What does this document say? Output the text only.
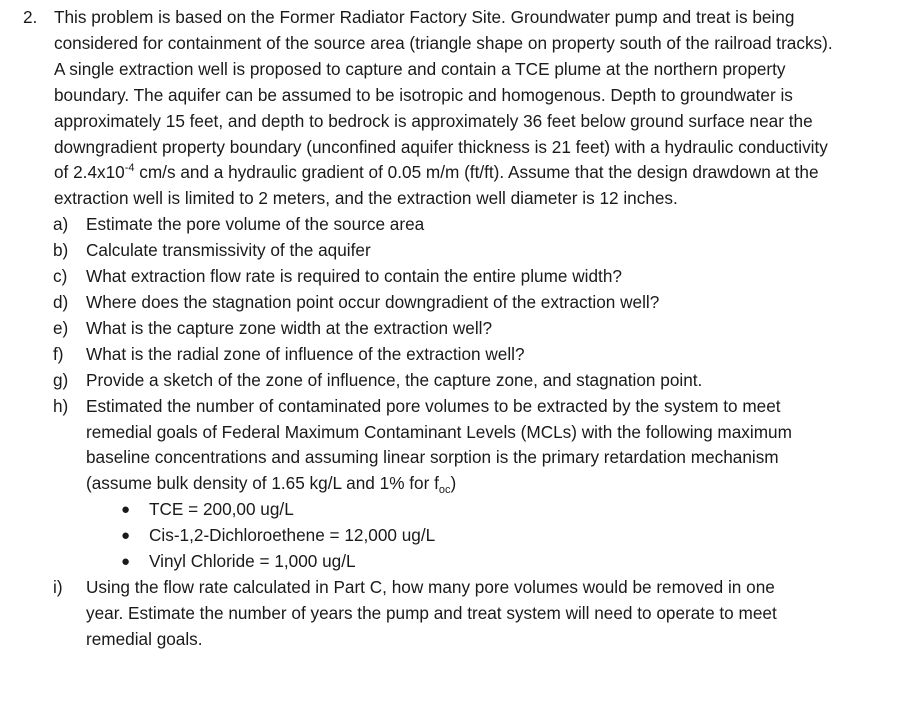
2. This problem is based on the Former Radiator Factory Site. Groundwater pump and treat is being considered for containment of the source area (triangle shape on property south of the railroad tracks). A single extraction well is proposed to capture and contain a TCE plume at the northern property boundary. The aquifer can be assumed to be isotropic and homogenous. Depth to groundwater is approximately 15 feet, and depth to bedrock is approximately 36 feet below ground surface near the downgradient property boundary (unconfined aquifer thickness is 21 feet) with a hydraulic conductivity of $2.4x10^{-4}$ cm/s and a hydraulic gradient of 0.05 m/m (ft/ft). Assume that the design drawdown at the extraction well is limited to 2 meters, and the extraction well diameter is 12 inches.
a) Estimate the pore volume of the source area
b) Calculate transmissivity of the aquifer
c) What extraction flow rate is required to contain the entire plume width?
d) Where does the stagnation point occur downgradient of the extraction well?
e) What is the capture zone width at the extraction well?
f) What is the radial zone of influence of the extraction well?
g) Provide a sketch of the zone of influence, the capture zone, and stagnation point.
h) Estimated the number of contaminated pore volumes to be extracted by the system to meet remedial goals of Federal Maximum Contaminant Levels (MCLs) with the following maximum baseline concentrations and assuming linear sorption is the primary retardation mechanism (assume bulk density of 1.65 kg/L and 1% for $f_{oc}$)
● TCE = 200,00 ug/L
● Cis-1,2-Dichloroethene = 12,000 ug/L
● Vinyl Chloride = 1,000 ug/L
i) Using the flow rate calculated in Part C, how many pore volumes would be removed in one year. Estimate the number of years the pump and treat system will need to operate to meet remedial goals.
